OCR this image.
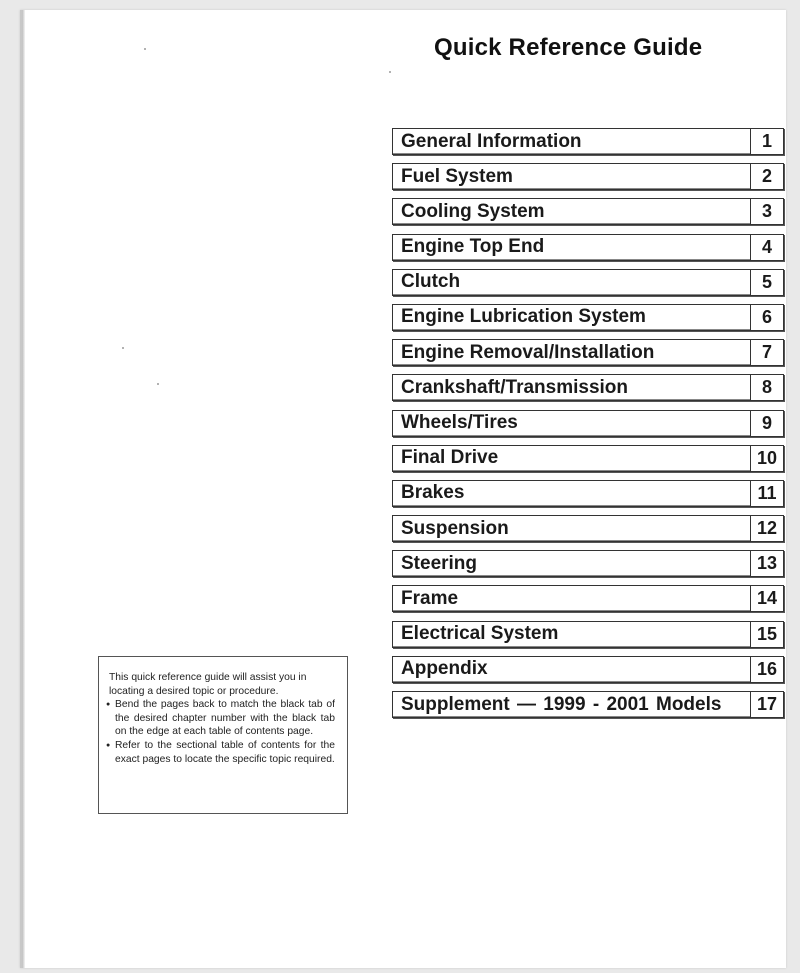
Quick Reference Guide
General Information	1
Fuel System	2
Cooling System	3
Engine Top End	4
Clutch	5
Engine Lubrication System	6
Engine Removal/Installation	7
Crankshaft/Transmission	8
Wheels/Tires	9
Final Drive	10
Brakes	11
Suspension	12
Steering	13
Frame	14
Electrical System	15
Appendix	16
Supplement — 1999 - 2001 Models	17

This quick reference guide will assist you in locating a desired topic or procedure.

● Bend the pages back to match the black tab of the desired chapter number with the black tab on the edge at each table of contents page.
● Refer to the sectional table of contents for the exact pages to locate the specific topic required.
